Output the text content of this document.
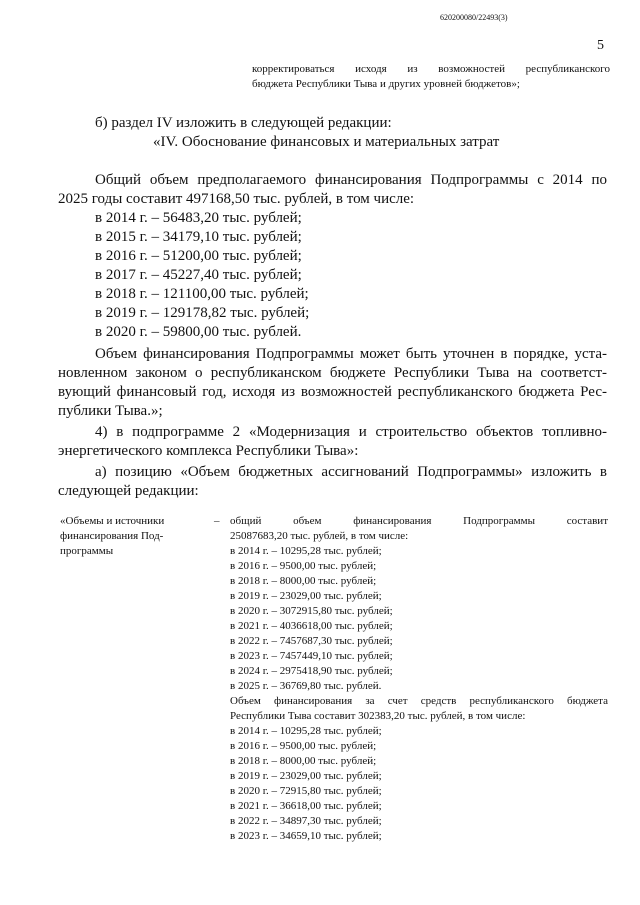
620200080/22493(3)
5
корректироваться исходя из возможностей республиканского
бюджета Республики Тыва и других уровней бюджетов»;
б) раздел IV изложить в следующей редакции:
«IV. Обоснование финансовых и материальных затрат
Общий объем предполагаемого финансирования Подпрограммы с 2014 по
2025 годы составит 497168,50 тыс. рублей, в том числе:
в 2014 г. – 56483,20 тыс. рублей;
в 2015 г. – 34179,10 тыс. рублей;
в 2016 г. – 51200,00 тыс. рублей;
в 2017 г. – 45227,40 тыс. рублей;
в 2018 г. – 121100,00 тыс. рублей;
в 2019 г. – 129178,82 тыс. рублей;
в 2020 г. – 59800,00 тыс. рублей.
Объем финансирования Подпрограммы может быть уточнен в порядке, уста-
новленном законом о республиканском бюджете Республики Тыва на соответст-
вующий финансовый год, исходя из возможностей республиканского бюджета Рес-
публики Тыва.»;
4) в подпрограмме 2 «Модернизация и строительство объектов топливно-
энергетического комплекса Республики Тыва»:
а) позицию «Объем бюджетных ассигнований Подпрограммы» изложить в
следующей редакции:
«Объемы и источники
финансирования Под-
программы
– общий объем финансирования Подпрограммы составит
25087683,20 тыс. рублей, в том числе:
в 2014 г. – 10295,28 тыс. рублей;
в 2016 г. – 9500,00 тыс. рублей;
в 2018 г. – 8000,00 тыс. рублей;
в 2019 г. – 23029,00 тыс. рублей;
в 2020 г. – 3072915,80 тыс. рублей;
в 2021 г. – 4036618,00 тыс. рублей;
в 2022 г. – 7457687,30 тыс. рублей;
в 2023 г. – 7457449,10 тыс. рублей;
в 2024 г. – 2975418,90 тыс. рублей;
в 2025 г. – 36769,80 тыс. рублей.
Объем финансирования за счет средств республиканского бюджета
Республики Тыва составит 302383,20 тыс. рублей, в том числе:
в 2014 г. – 10295,28 тыс. рублей;
в 2016 г. – 9500,00 тыс. рублей;
в 2018 г. – 8000,00 тыс. рублей;
в 2019 г. – 23029,00 тыс. рублей;
в 2020 г. – 72915,80 тыс. рублей;
в 2021 г. – 36618,00 тыс. рублей;
в 2022 г. – 34897,30 тыс. рублей;
в 2023 г. – 34659,10 тыс. рублей;
